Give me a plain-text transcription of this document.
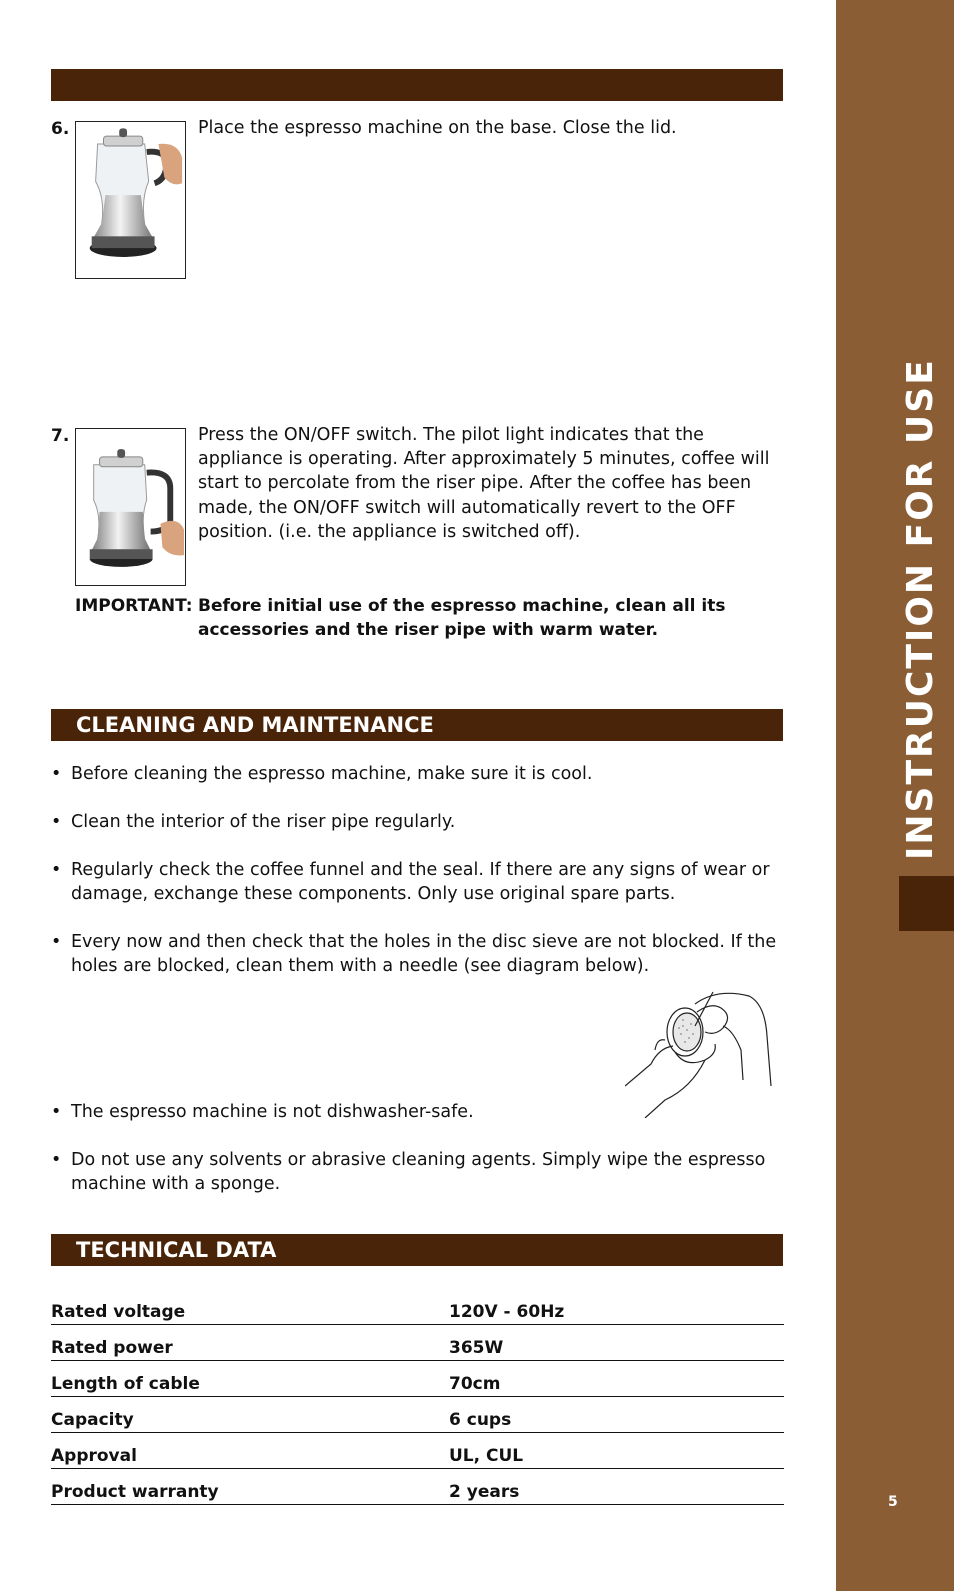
INSTRUCTION FOR USE
5
6.	Place the espresso machine on the base. Close the lid.
7.	Press the ON/OFF switch. The pilot light indicates that the appliance is operating. After approximately 5 minutes, coffee will start to percolate from the riser pipe. After the coffee has been made, the ON/OFF switch will automatically revert to the OFF position. (i.e. the appliance is switched off).
IMPORTANT: Before initial use of the espresso machine, clean all its accessories and the riser pipe with warm water.
CLEANING AND MAINTENANCE
• Before cleaning the espresso machine, make sure it is cool.
• Clean the interior of the riser pipe regularly.
• Regularly check the coffee funnel and the seal. If there are any signs of wear or damage, exchange these components. Only use original spare parts.
• Every now and then check that the holes in the disc sieve are not blocked. If the holes are blocked, clean them with a needle (see diagram below).
• The espresso machine is not dishwasher-safe.
• Do not use any solvents or abrasive cleaning agents. Simply wipe the espresso machine with a sponge.
TECHNICAL DATA
Rated voltage	120V - 60Hz
Rated power	365W
Length of cable	70cm
Capacity	6 cups
Approval	UL, CUL
Product warranty	2 years
